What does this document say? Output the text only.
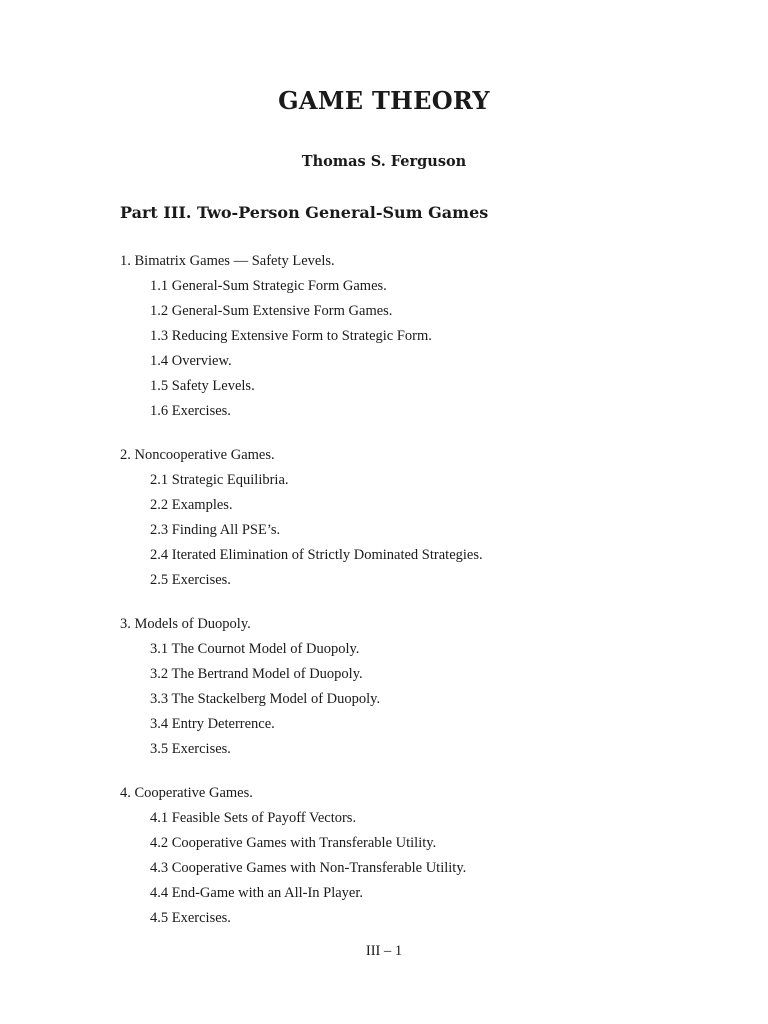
GAME THEORY
Thomas S. Ferguson
Part III. Two-Person General-Sum Games
1. Bimatrix Games — Safety Levels.
1.1 General-Sum Strategic Form Games.
1.2 General-Sum Extensive Form Games.
1.3 Reducing Extensive Form to Strategic Form.
1.4 Overview.
1.5 Safety Levels.
1.6 Exercises.
2. Noncooperative Games.
2.1 Strategic Equilibria.
2.2 Examples.
2.3 Finding All PSE’s.
2.4 Iterated Elimination of Strictly Dominated Strategies.
2.5 Exercises.
3. Models of Duopoly.
3.1 The Cournot Model of Duopoly.
3.2 The Bertrand Model of Duopoly.
3.3 The Stackelberg Model of Duopoly.
3.4 Entry Deterrence.
3.5 Exercises.
4. Cooperative Games.
4.1 Feasible Sets of Payoff Vectors.
4.2 Cooperative Games with Transferable Utility.
4.3 Cooperative Games with Non-Transferable Utility.
4.4 End-Game with an All-In Player.
4.5 Exercises.
III – 1
